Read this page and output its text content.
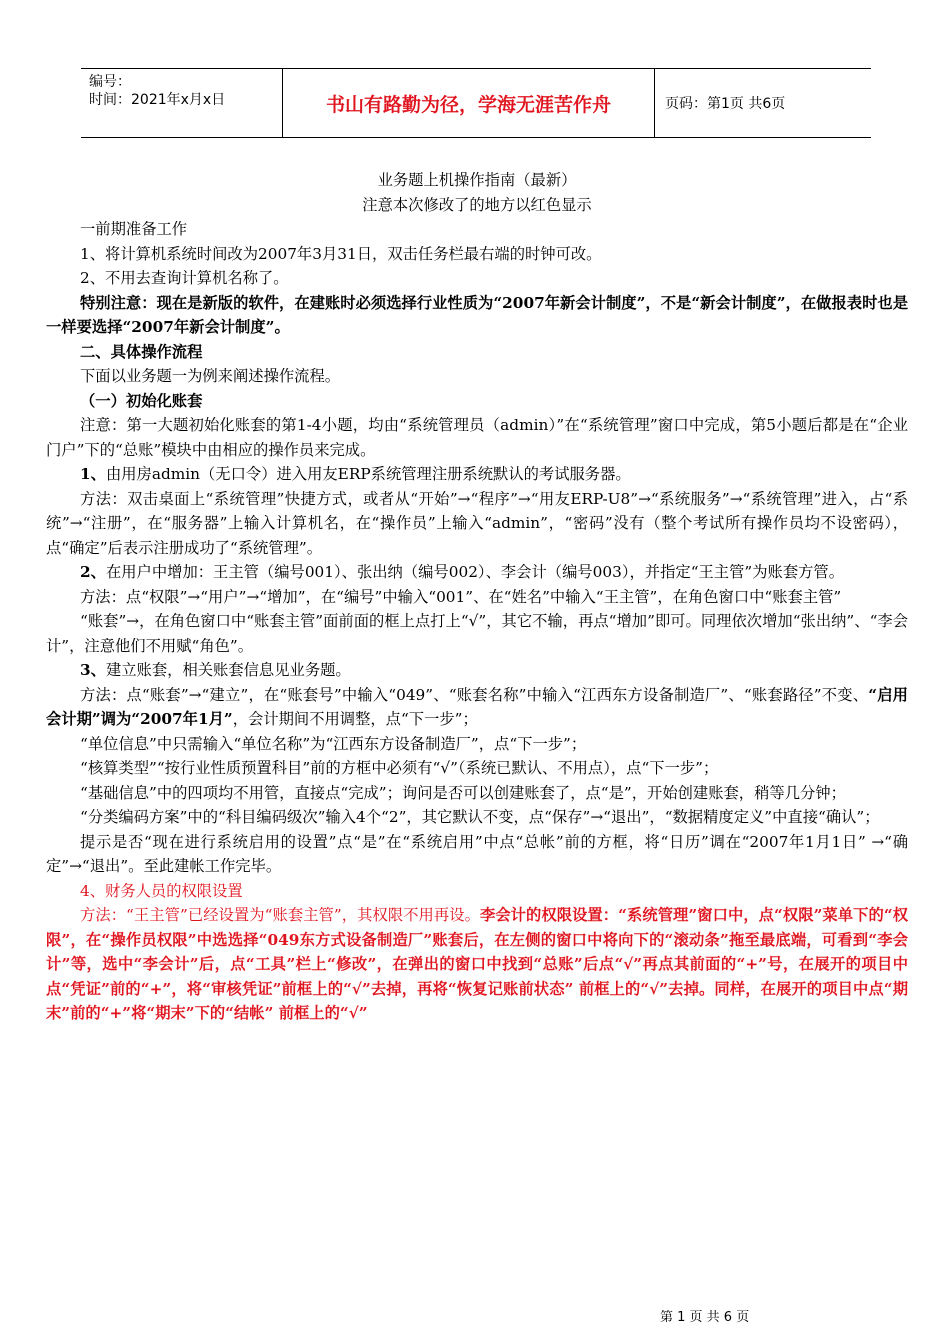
编号：
时间：2021年x月x日	书山有路勤为径，学海无涯苦作舟	页码：第1页 共6页

业务题上机操作指南（最新）

注意本次修改了的地方以红色显示

一前期准备工作

1、将计算机系统时间改为2007年3月31日，双击任务栏最右端的时钟可改。

2、不用去查询计算机名称了。

特别注意：现在是新版的软件，在建账时必须选择行业性质为“2007年新会计制度”，不是“新会计制度”，在做报表时也是一样要选择“2007年新会计制度”。

二、具体操作流程

下面以业务题一为例来阐述操作流程。

（一）初始化账套

注意：第一大题初始化账套的第1-4小题，均由“系统管理员（admin）”在“系统管理”窗口中完成，第5小题后都是在“企业门户”下的“总账”模块中由相应的操作员来完成。

1、由用房admin（无口令）进入用友ERP系统管理注册系统默认的考试服务器。

方法：双击桌面上“系统管理”快捷方式，或者从“开始”→“程序”→“用友ERP-U8”→“系统服务”→“系统管理”进入，占“系统”→“注册”，在“服务器”上输入计算机名，在“操作员”上输入“admin”，“密码”没有（整个考试所有操作员均不设密码），点“确定”后表示注册成功了“系统管理”。

2、在用户中增加：王主管（编号001）、张出纳（编号002）、李会计（编号003），并指定“王主管”为账套方管。

方法：点“权限”→“用户”→“增加”，在“编号”中输入“001”、在“姓名”中输入“王主管”，在角色窗口中“账套主管”

“账套”→，在角色窗口中“账套主管”面前面的框上点打上“√”，其它不输，再点“增加”即可。同理依次增加“张出纳”、“李会计”，注意他们不用赋“角色”。

3、建立账套，相关账套信息见业务题。

方法：点“账套”→“建立”，在“账套号”中输入“049”、“账套名称”中输入“江西东方设备制造厂”、“账套路径”不变、“启用会计期”调为“2007年1月”，会计期间不用调整，点“下一步”；

“单位信息”中只需输入“单位名称”为“江西东方设备制造厂”，点“下一步”；

“核算类型”“按行业性质预置科目”前的方框中必须有“√”（系统已默认、不用点），点“下一步”；

“基础信息”中的四项均不用管，直接点“完成”；询问是否可以创建账套了，点“是”，开始创建账套，稍等几分钟；

“分类编码方案”中的“科目编码级次”输入4个“2”，其它默认不变，点“保存”→“退出”，“数据精度定义”中直接“确认”；

提示是否“现在进行系统启用的设置”点“是”在“系统启用”中点“总帐”前的方框，将“日历”调在“2007年1月1日” →“确定”→“退出”。至此建帐工作完毕。

4、财务人员的权限设置

方法：“王主管”已经设置为“账套主管”，其权限不用再设。李会计的权限设置：“系统管理”窗口中，点“权限”菜单下的“权限”，在“操作员权限”中选选择“049东方式设备制造厂”账套后，在左侧的窗口中将向下的“滚动条”拖至最底端，可看到“李会计”等，选中“李会计”后，点“工具”栏上“修改”，在弹出的窗口中找到“总账”后点“√”再点其前面的“+”号，在展开的项目中点“凭证”前的“+”，将“审核凭证”前框上的“√”去掉，再将“恢复记账前状态” 前框上的“√”去掉。同样，在展开的项目中点“期末”前的“+”将“期末”下的“结帐” 前框上的“√”

第 1 页 共 6 页
